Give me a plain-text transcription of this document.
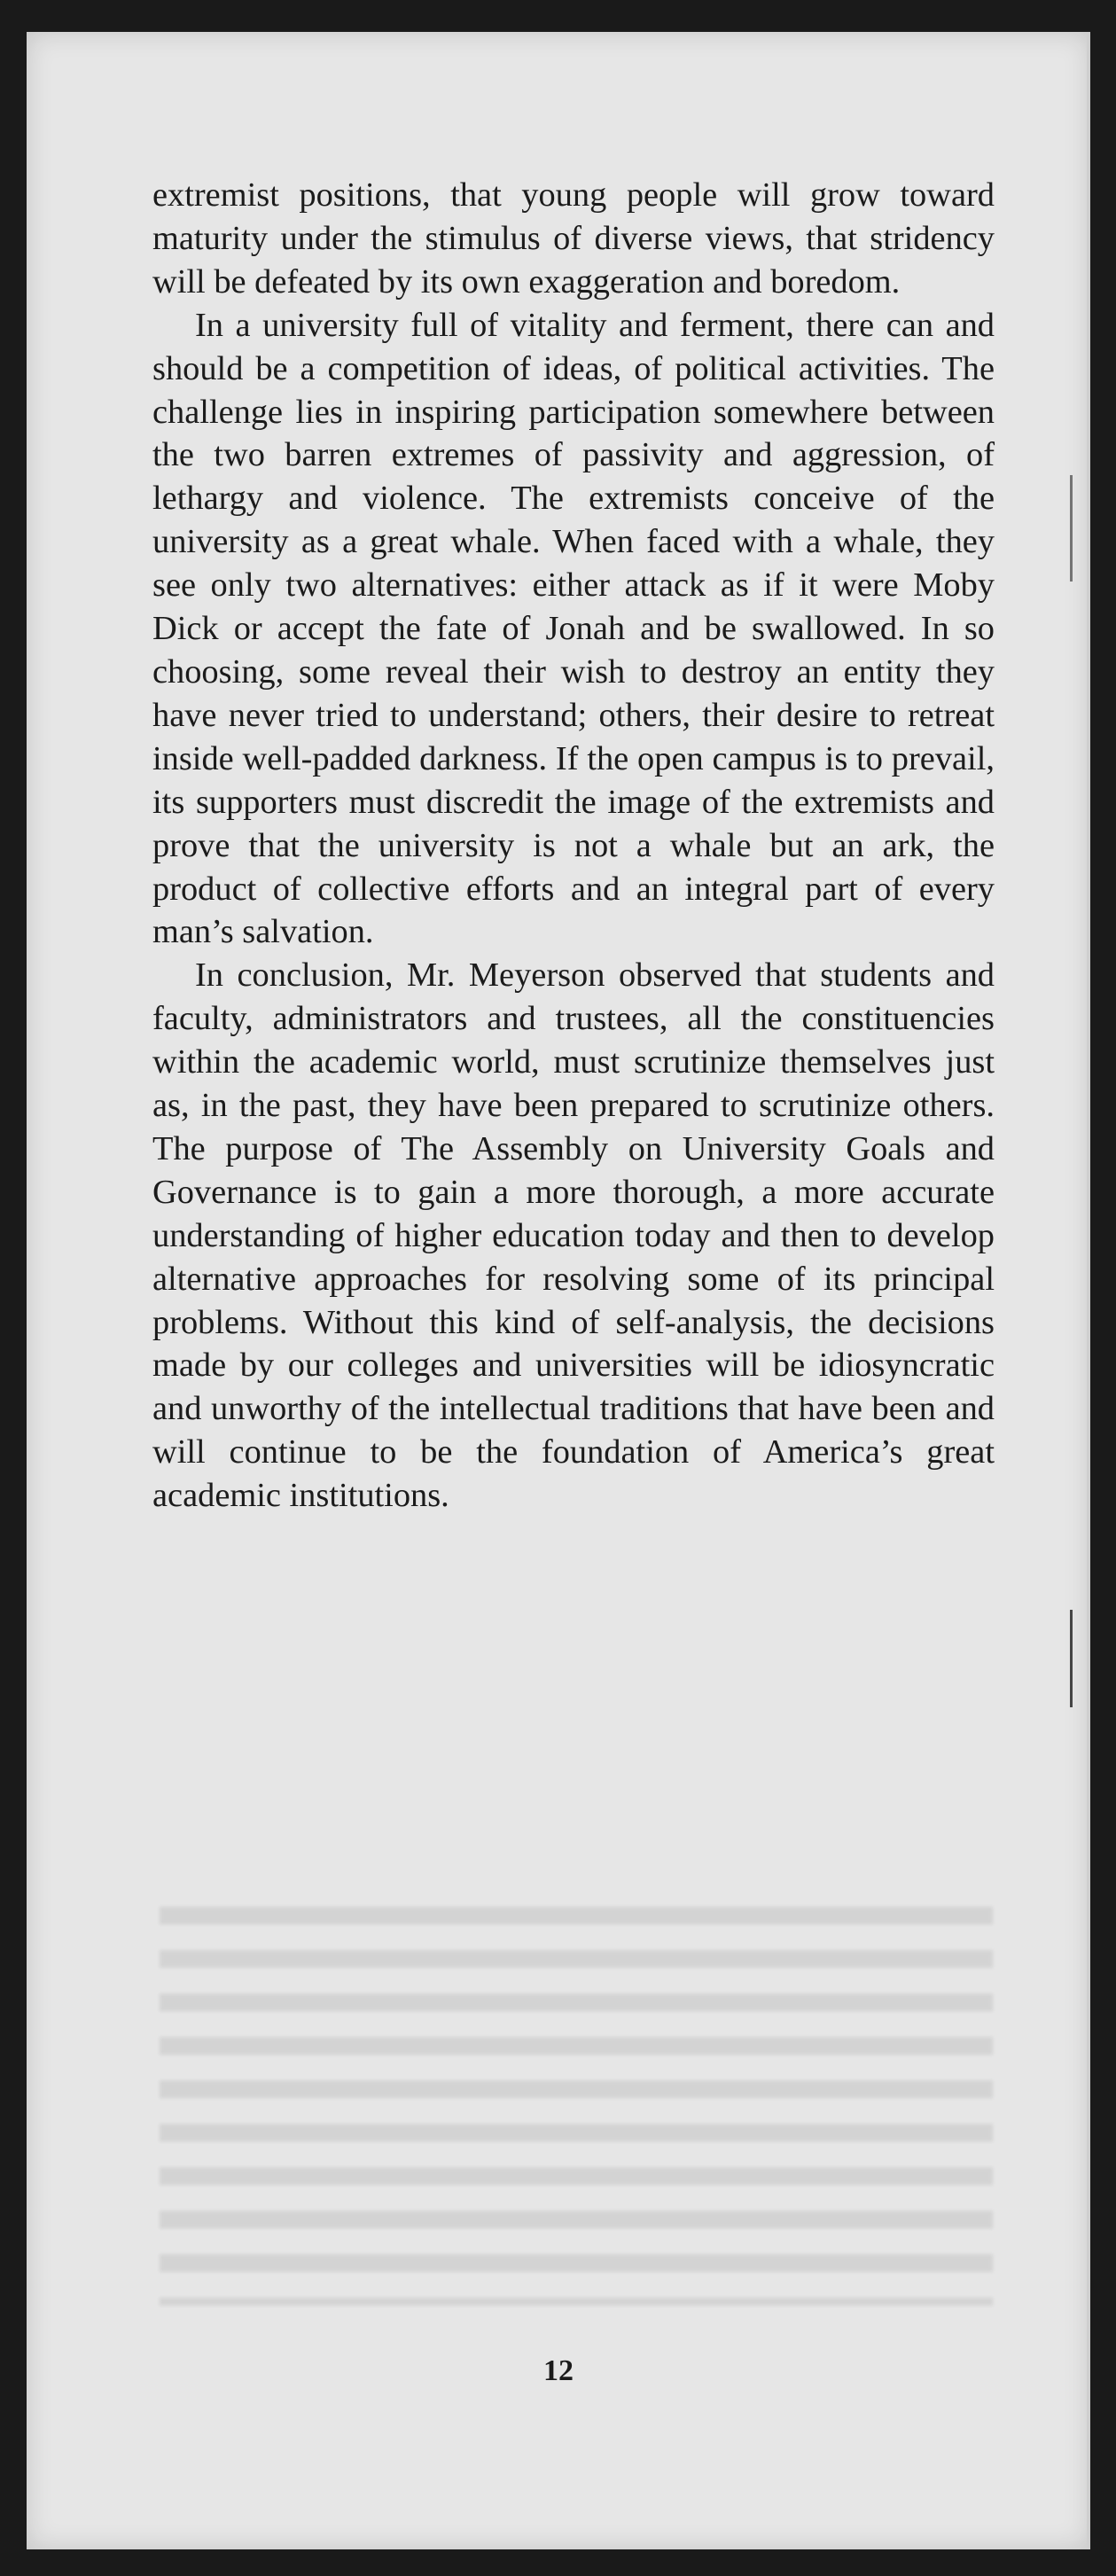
extremist positions, that young people will grow toward maturity under the stimulus of diverse views, that stridency will be defeated by its own exaggeration and boredom.

In a university full of vitality and ferment, there can and should be a competition of ideas, of political activities. The challenge lies in inspiring participation somewhere between the two barren extremes of passivity and aggression, of lethargy and violence. The extremists conceive of the university as a great whale. When faced with a whale, they see only two alternatives: either attack as if it were Moby Dick or accept the fate of Jonah and be swallowed. In so choosing, some reveal their wish to destroy an entity they have never tried to understand; others, their desire to retreat inside well-padded darkness. If the open campus is to prevail, its supporters must discredit the image of the extremists and prove that the university is not a whale but an ark, the product of collective efforts and an integral part of every man’s salvation.

In conclusion, Mr. Meyerson observed that students and faculty, administrators and trustees, all the constituencies within the academic world, must scrutinize themselves just as, in the past, they have been prepared to scrutinize others. The purpose of The Assembly on University Goals and Governance is to gain a more thorough, a more accurate understanding of higher education today and then to develop alternative approaches for resolving some of its principal problems. Without this kind of self-analysis, the decisions made by our colleges and universities will be idiosyncratic and unworthy of the intellectual traditions that have been and will continue to be the foundation of America’s great academic institutions.

12
